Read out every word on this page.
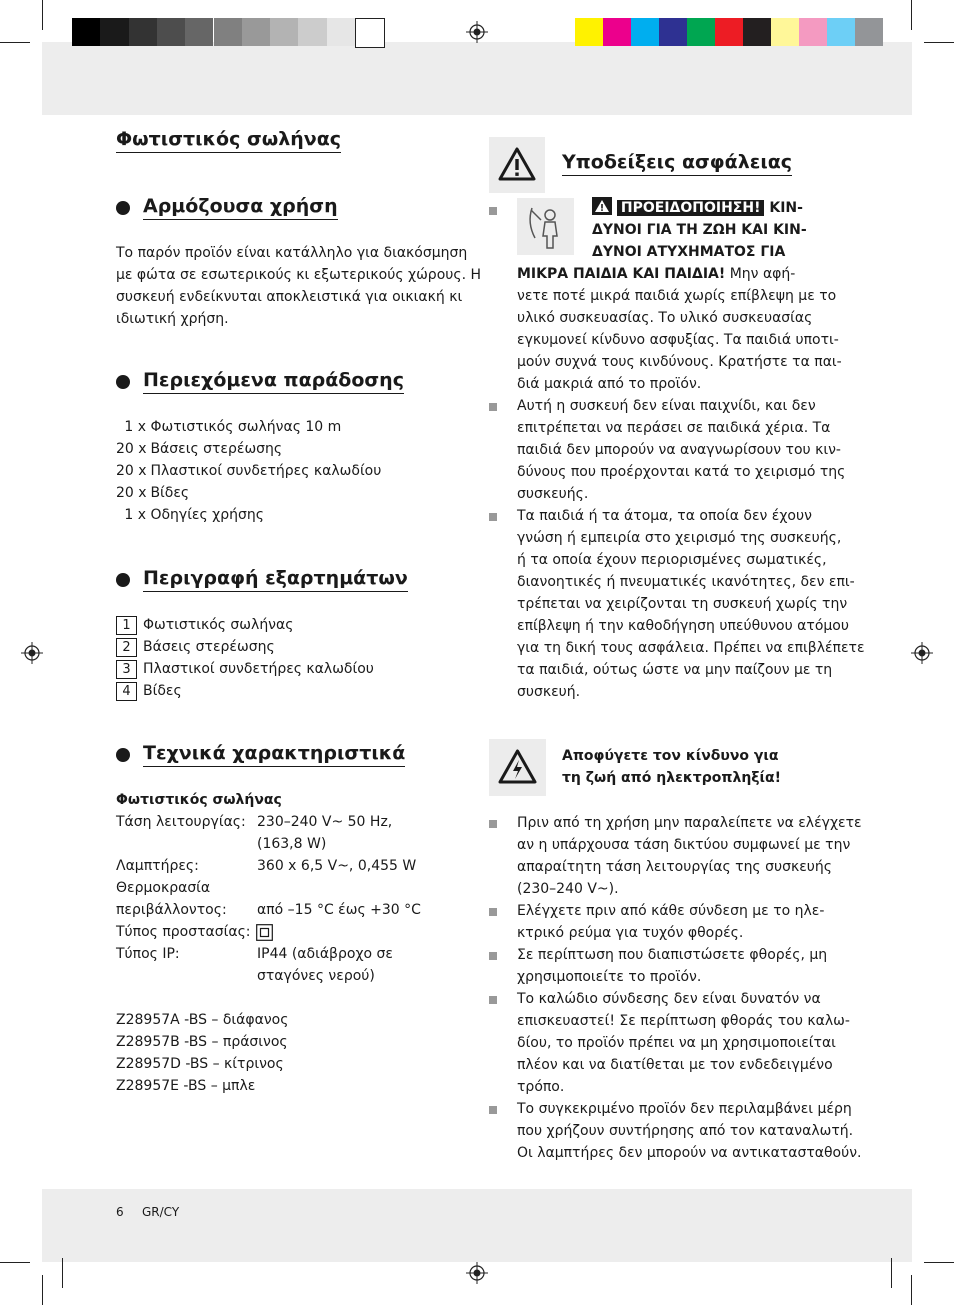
Φωτιστικός σωλήνας
Αρμόζουσα χρήση
Το παρόν προϊόν είναι κατάλληλο για διακόσμηση
με φώτα σε εσωτερικούς κι εξωτερικούς χώρους. Η
συσκευή ενδείκνυται αποκλειστικά για οικιακή κι
ιδιωτική χρήση.
Περιεχόμενα παράδοσης
1 x Φωτιστικός σωλήνας 10 m
20 x Βάσεις στερέωσης
20 x Πλαστικοί συνδετήρες καλωδίου
20 x Βίδες
1 x Οδηγίες χρήσης
Περιγραφή εξαρτημάτων
1 Φωτιστικός σωλήνας
2 Βάσεις στερέωσης
3 Πλαστικοί συνδετήρες καλωδίου
4 Βίδες
Τεχνικά χαρακτηριστικά
Φωτιστικός σωλήνας
Τάση λειτουργίας: 230–240 V~ 50 Hz,
(163,8 W)
Λαμπτήρες:	360 x 6,5 V~, 0,455 W
Θερμοκρασία
περιβάλλοντος: από –15 °C έως +30 °C
Τύπος προστασίας:
Τύπος IP:	IP44 (αδιάβροχο σε
σταγόνες νερού)
Z28957A -BS – διάφανος
Z28957B -BS – πράσινος
Z28957D -BS – κίτρινος
Z28957E -BS – μπλε
Υποδείξεις ασφάλειας
ΠΡΟΕΙΔΟΠΟΙΗΣΗ! ΚΙΝ-
ΔΥΝΟΙ ΓΙΑ ΤΗ ΖΩΗ ΚΑΙ ΚΙΝ-
ΔΥΝΟΙ ΑΤΥΧΗΜΑΤΟΣ ΓΙΑ
ΜΙΚΡΑ ΠΑΙΔΙΑ ΚΑΙ ΠΑΙΔΙΑ! Μην αφή-
νετε ποτέ μικρά παιδιά χωρίς επίβλεψη με το
υλικό συσκευασίας. Το υλικό συσκευασίας
εγκυμονεί κίνδυνο ασφυξίας. Τα παιδιά υποτι-
μούν συχνά τους κινδύνους. Κρατήστε τα παι-
διά μακριά από το προϊόν.
Αυτή η συσκευή δεν είναι παιχνίδι, και δεν
επιτρέπεται να περάσει σε παιδικά χέρια. Τα
παιδιά δεν μπορούν να αναγνωρίσουν του κιν-
δύνους που προέρχονται κατά το χειρισμό της
συσκευής.
Τα παιδιά ή τα άτομα, τα οποία δεν έχουν
γνώση ή εμπειρία στο χειρισμό της συσκευής,
ή τα οποία έχουν περιορισμένες σωματικές,
διανοητικές ή πνευματικές ικανότητες, δεν επι-
τρέπεται να χειρίζονται τη συσκευή χωρίς την
επίβλεψη ή την καθοδήγηση υπεύθυνου ατόμου
για τη δική τους ασφάλεια. Πρέπει να επιβλέπετε
τα παιδιά, ούτως ώστε να μην παίζουν με τη
συσκευή.
Αποφύγετε τον κίνδυνο για
τη ζωή από ηλεκτροπληξία!
Πριν από τη χρήση μην παραλείπετε να ελέγχετε
αν η υπάρχουσα τάση δικτύου συμφωνεί με την
απαραίτητη τάση λειτουργίας της συσκευής
(230–240 V~).
Ελέγχετε πριν από κάθε σύνδεση με το ηλε-
κτρικό ρεύμα για τυχόν φθορές.
Σε περίπτωση που διαπιστώσετε φθορές, μη
χρησιμοποιείτε το προϊόν.
Το καλώδιο σύνδεσης δεν είναι δυνατόν να
επισκευαστεί! Σε περίπτωση φθοράς του καλω-
δίου, το προϊόν πρέπει να μη χρησιμοποιείται
πλέον και να διατίθεται με τον ενδεδειγμένο
τρόπο.
Το συγκεκριμένο προϊόν δεν περιλαμβάνει μέρη
που χρήζουν συντήρησης από τον καταναλωτή.
Οι λαμπτήρες δεν μπορούν να αντικατασταθούν.
6 GR/CY
